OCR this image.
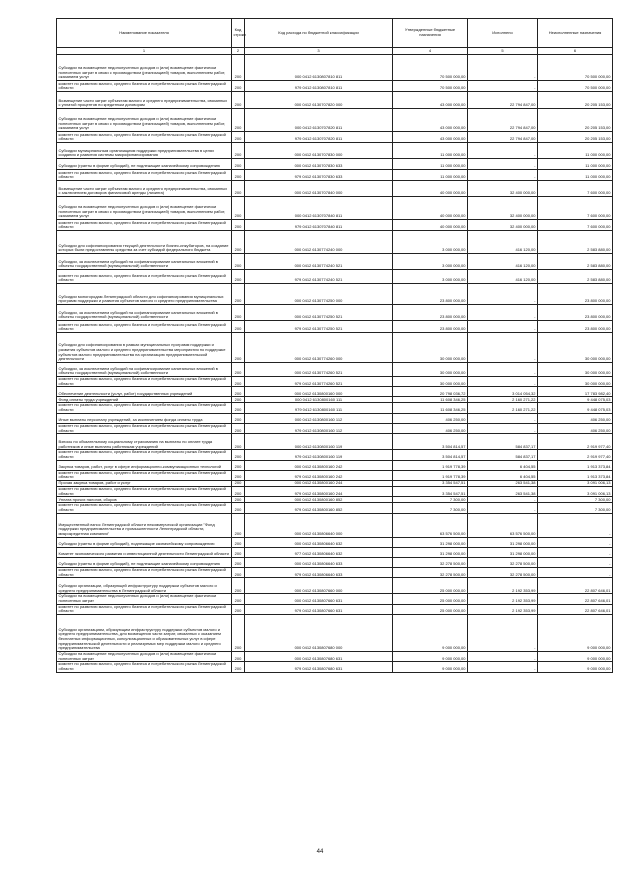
Наименование показателя	Код строки	Код расхода по бюджетной классификации	Утвержденные бюджетные назначения	Исполнено	Неисполненные назначения
1	2	3	4	5	6
Субсидии на возмещение недополученных доходов и (или) возмещение фактически понесенных затрат в связи с производством (реализацией) товаров, выполнением работ, оказанием услуг	200	000 0412 6130807810 811	70 500 000,00	-	70 500 000,00
комитет по развитию малого, среднего бизнеса и потребительского рынка Ленинградской области	200	979 0412 6130807810 811	70 500 000,00	-	70 500 000,00
Возмещение части затрат субъектам малого и среднего предпринимательства, связанных с уплатой процентов по кредитным договорам	200	000 0412 6130707820 000	43 000 000,00	22 794 847,00	20 205 153,00
Субсидии на возмещение недополученных доходов и (или) возмещение фактически понесенных затрат в связи с производством (реализацией) товаров, выполнением работ, оказанием услуг	200	000 0412 6130707820 811	43 000 000,00	22 794 847,00	20 205 153,00
комитет по развитию малого, среднего бизнеса и потребительского рынка Ленинградской области	200	979 0412 6130707820 811	43 000 000,00	22 794 847,00	20 205 153,00
Субсидии муниципальным организациям поддержки предпринимательства в целях создания и развития системы микрофинансирования	200	000 0412 6130707830 000	11 000 000,00	-	11 000 000,00
Субсидии (гранты в форме субсидий), не подлежащие казначейскому сопровождению	200	000 0412 6130707830 633	11 000 000,00	-	11 000 000,00
комитет по развитию малого, среднего бизнеса и потребительского рынка Ленинградской области	200	979 0412 6130707830 633	11 000 000,00	-	11 000 000,00
Возмещение части затрат субъектам малого и среднего предпринимательства, связанных с заключением договоров финансовой аренды (лизинга)	200	000 0412 6130707840 000	40 000 000,00	32 400 000,00	7 600 000,00
Субсидии на возмещение недополученных доходов и (или) возмещение фактически понесенных затрат в связи с производством (реализацией) товаров, выполнением работ, оказанием услуг	200	000 0412 6130707840 811	40 000 000,00	32 400 000,00	7 600 000,00
комитет по развитию малого, среднего бизнеса и потребительского рынка Ленинградской области	200	979 0412 6130707840 811	40 000 000,00	32 400 000,00	7 600 000,00
Субсидии для софинансирования текущей деятельности бизнес-инкубаторов, на создание которых были предоставлены средства за счет субсидий федерального бюджета	200	000 0412 6130774240 000	3 000 000,00	416 120,00	2 583 880,00
Субсидии, за исключением субсидий на софинансирование капитальных вложений в объекты государственной (муниципальной) собственности	200	000 0412 6130774240 521	3 000 000,00	416 120,00	2 583 880,00
комитет по развитию малого, среднего бизнеса и потребительского рынка Ленинградской области	200	979 0412 6130774240 521	3 000 000,00	416 120,00	2 583 880,00
Субсидии моногородам Ленинградской области для софинансирования муниципальных программ поддержки и развития субъектов малого и среднего предпринимательства	200	000 0412 6130774250 000	23 800 000,00	-	23 800 000,00
Субсидии, за исключением субсидий на софинансирование капитальных вложений в объекты государственной (муниципальной) собственности	200	000 0412 6130774250 521	23 800 000,00	-	23 800 000,00
комитет по развитию малого, среднего бизнеса и потребительского рынка Ленинградской области	200	979 0412 6130774250 521	23 800 000,00	-	23 800 000,00
Субсидии для софинансирования в рамках муниципальных программ поддержки и развития субъектов малого и среднего предпринимательства мероприятия по поддержке субъектов малого предпринимательства на организацию предпринимательской деятельности	200	000 0412 6130774260 000	30 000 000,00	-	30 000 000,00
Субсидии, за исключением субсидий на софинансирование капитальных вложений в объекты государственной (муниципальной) собственности	200	000 0412 6130774260 521	30 000 000,00	-	30 000 000,00
комитет по развитию малого, среднего бизнеса и потребительского рынка Ленинградской области	200	979 0412 6130774260 521	30 000 000,00	-	30 000 000,00
Обеспечение деятельности (услуг, работ) государственных учреждений	200	000 0412 6130800160 000	20 798 036,72	3 014 054,32	17 783 982,40
Фонд оплаты труда учреждений	200	000 0412 6130800160 111	11 608 346,25	2 160 271,22	9 448 075,03
комитет по развитию малого, среднего бизнеса и потребительского рынка Ленинградской области	200	979 0412 6130800160 111	11 608 346,25	2 160 271,22	9 448 075,03
Иные выплаты персоналу учреждений, за исключением фонда оплаты труда	200	000 0412 6130800160 112	406 250,00	-	406 250,00
комитет по развитию малого, среднего бизнеса и потребительского рынка Ленинградской области	200	979 0412 6130800160 112	406 250,00	-	406 250,00
Взносы по обязательному социальному страхованию на выплаты по оплате труда работников и иные выплаты работникам учреждений	200	000 0412 6130800160 119	3 504 814,57	584 837,17	2 919 977,40
комитет по развитию малого, среднего бизнеса и потребительского рынка Ленинградской области	200	979 0412 6130800160 119	3 504 814,57	584 837,17	2 919 977,40
Закупка товаров, работ, услуг в сфере информационно-коммуникационных технологий	200	000 0412 6130800160 242	1 919 778,39	6 404,55	1 913 373,84
комитет по развитию малого, среднего бизнеса и потребительского рынка Ленинградской области	200	979 0412 6130800160 242	1 919 778,39	6 404,55	1 913 373,84
Прочая закупка товаров, работ и услуг	200	000 0412 6130800160 244	3 354 547,51	263 541,38	3 091 006,13
комитет по развитию малого, среднего бизнеса и потребительского рынка Ленинградской области	200	979 0412 6130800160 244	3 354 547,51	263 541,38	3 091 006,13
Уплата прочих налогов, сборов	200	000 0412 6130800160 852	7 300,00	-	7 300,00
комитет по развитию малого, среднего бизнеса и потребительского рынка Ленинградской области	200	979 0412 6130800160 852	7 300,00	-	7 300,00
Имущественный взнос Ленинградской области некоммерческой организации "Фонд поддержки предпринимательства и промышленности Ленинградской области, микрокредитная компания"	200	000 0412 6130806640 000	63 576 500,00	63 576 500,00	-
Субсидии (гранты в форме субсидий), подлежащие казначейскому сопровождению	200	000 0412 6130806640 632	31 298 000,00	31 298 000,00	-
Комитет экономического развития и инвестиционной деятельности Ленинградской области	200	977 0412 6130806640 632	31 298 000,00	31 298 000,00	-
Субсидии (гранты в форме субсидий), не подлежащие казначейскому сопровождению	200	000 0412 6130806640 633	32 278 500,00	32 278 500,00	-
комитет по развитию малого, среднего бизнеса и потребительского рынка Ленинградской области	200	979 0412 6130806640 633	32 278 500,00	32 278 500,00	-
Субсидии организации, образующей инфраструктуру поддержки субъектов малого и среднего предпринимательства в Ленинградской области	200	000 0412 6130807660 000	25 000 000,00	2 192 353,99	22 807 646,01
Субсидии на возмещение недополученных доходов и (или) возмещение фактически понесенных затрат	200	000 0412 6130807660 631	25 000 000,00	2 192 353,99	22 807 646,01
комитет по развитию малого, среднего бизнеса и потребительского рынка Ленинградской области	200	979 0412 6130807660 631	25 000 000,00	2 192 353,99	22 807 646,01
Субсидии организациям, образующим инфраструктуру поддержки субъектов малого и среднего предпринимательства, для возмещения части затрат, связанных с оказанием бесплатных информационных, консультационных и образовательных услуг в сфере предпринимательской деятельности и реализуемых мер поддержки малого и среднего предпринимательства	200	000 0412 6130807680 000	9 000 000,00	-	9 000 000,00
Субсидии на возмещение недополученных доходов и (или) возмещение фактически понесенных затрат	200	000 0412 6130807680 631	9 000 000,00	-	9 000 000,00
комитет по развитию малого, среднего бизнеса и потребительского рынка Ленинградской области	200	979 0412 6130807680 631	9 000 000,00	-	9 000 000,00
44
